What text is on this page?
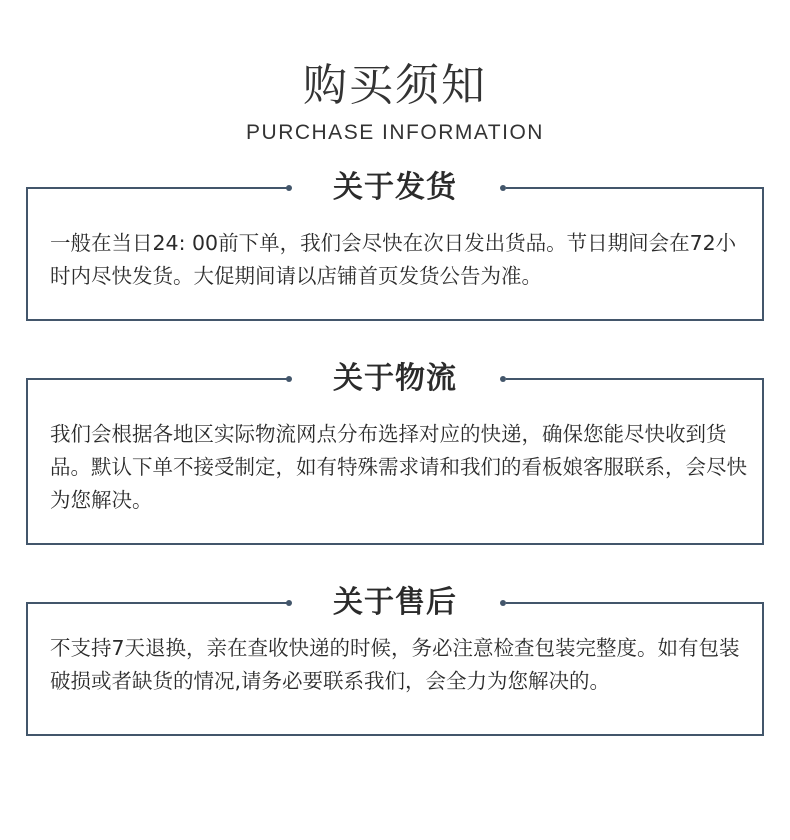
购买须知
PURCHASE INFORMATION
关于发货

一般在当日24: 00前下单，我们会尽快在次日发出货品。节日期间会在72小时内尽快发货。大促期间请以店铺首页发货公告为准。

关于物流

我们会根据各地区实际物流网点分布选择对应的快递，确保您能尽快收到货品。默认下单不接受制定，如有特殊需求请和我们的看板娘客服联系，会尽快为您解决。

关于售后

不支持7天退换，亲在查收快递的时候，务必注意检查包装完整度。如有包装破损或者缺货的情况,请务必要联系我们，会全力为您解决的。
